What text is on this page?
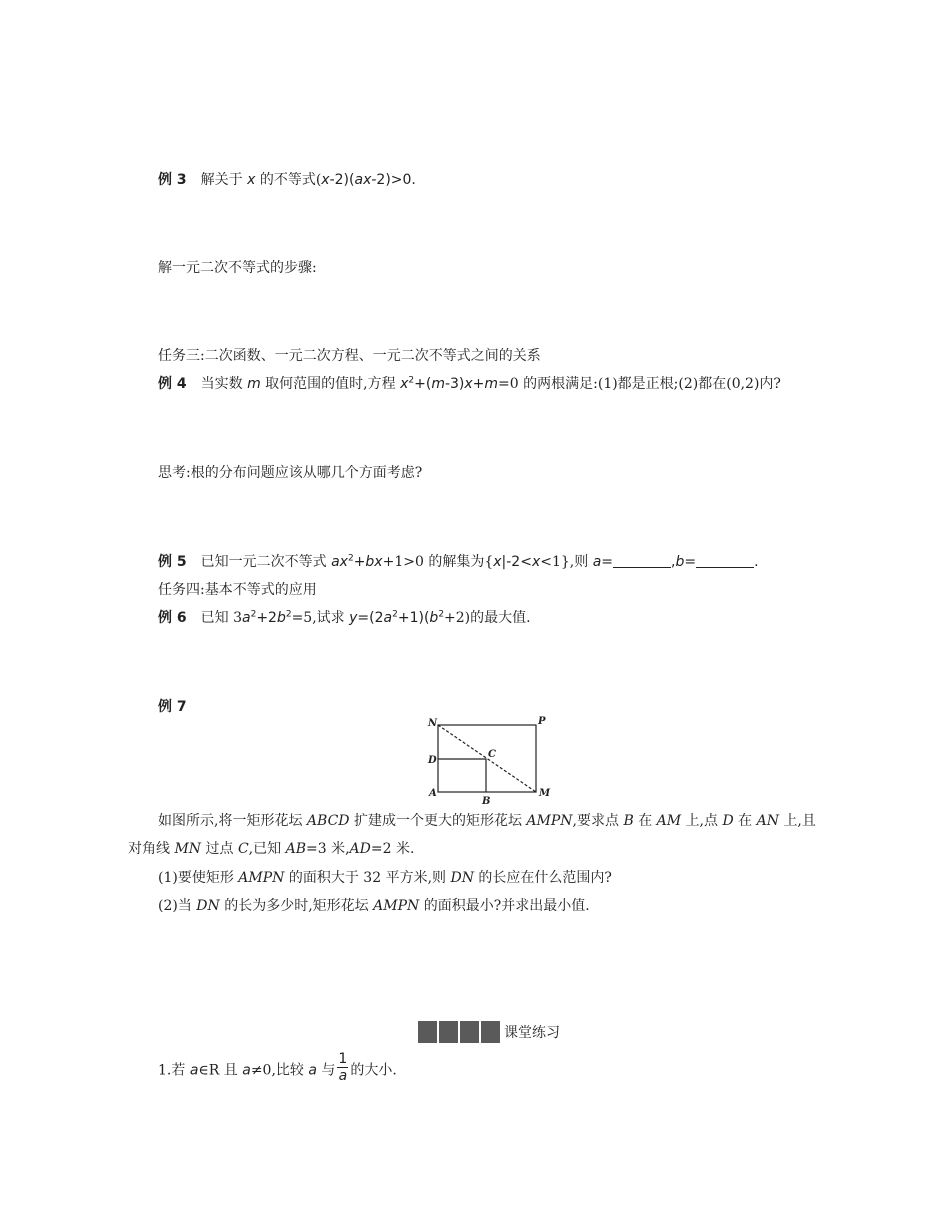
例 3 解关于 x 的不等式(x-2)(ax-2)>0.
解一元二次不等式的步骤:
任务三:二次函数、一元二次方程、一元二次不等式之间的关系
例 4 当实数 m 取何范围的值时,方程 $x^2+(m-3)x+m=0$ 的两根满足:(1)都是正根;(2)都在(0,2)内?
思考:根的分布问题应该从哪几个方面考虑?
例 5 已知一元二次不等式 $ax^2+bx+1>0$ 的解集为{x|-2<x<1},则 a=	,b=	.
任务四:基本不等式的应用
例 6 已知 $3a^2+2b^2=5$,试求 $y=(2a^2+1)(b^2+2)$的最大值.
例 7
N	P
D
C
A
B
M
如图所示,将一矩形花坛 ABCD 扩建成一个更大的矩形花坛 AMPN,要求点 B 在 AM 上,点 D 在 AN 上,且
对角线 MN 过点 C,已知 AB=3 米,AD=2 米.
(1)要使矩形 AMPN 的面积大于 32 平方米,则 DN 的长应在什么范围内?
(2)当 DN 的长为多少时,矩形花坛 AMPN 的面积最小?并求出最小值.
课堂练习
1.若 a∈R 且 a≠0,比较 a 与 $\frac{1}{a}$ 的大小.
